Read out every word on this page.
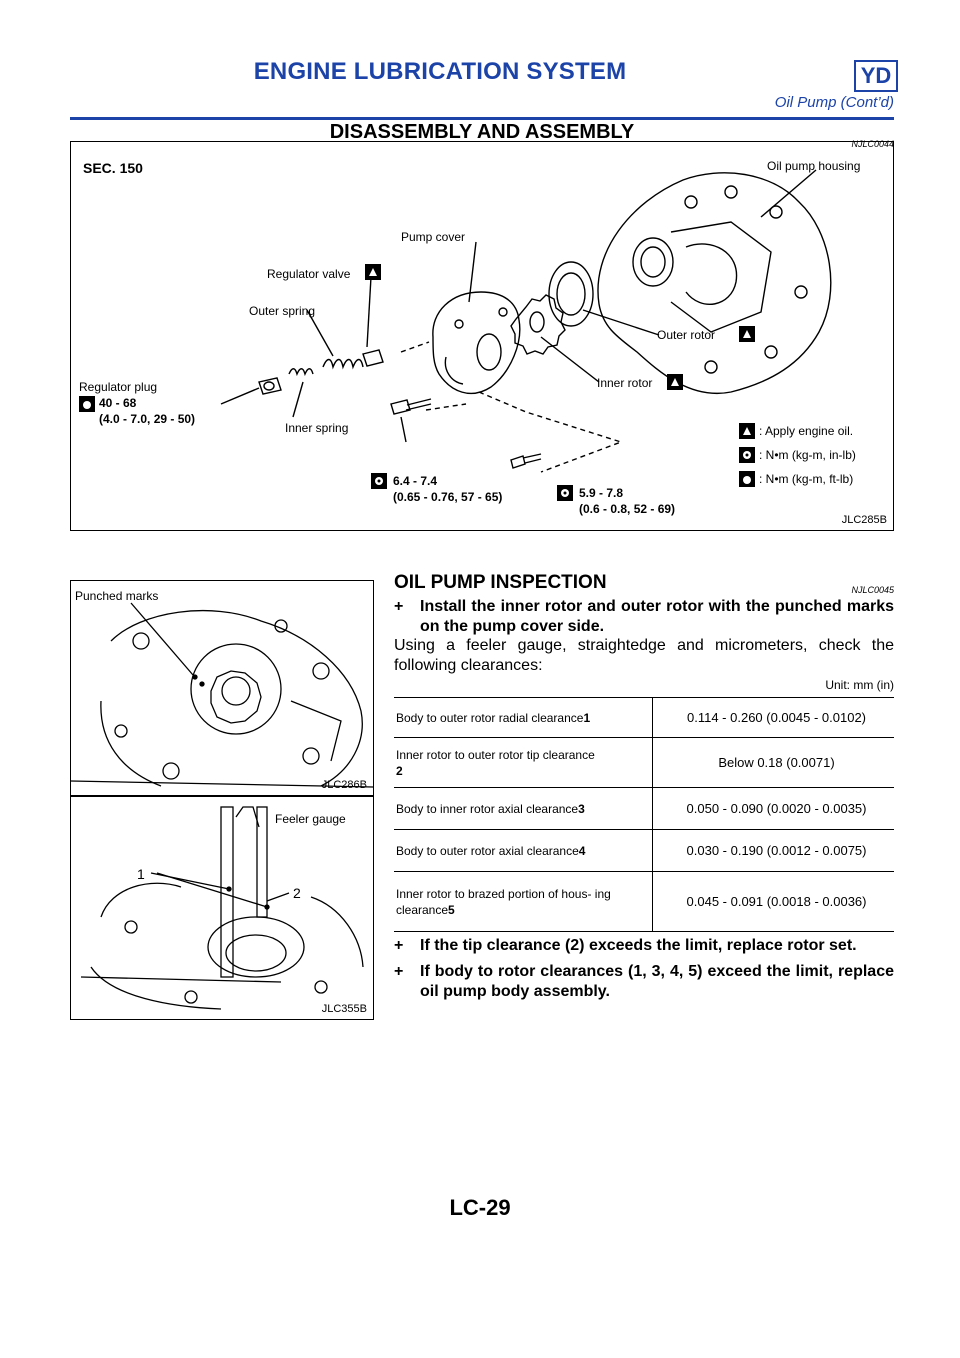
ENGINE LUBRICATION SYSTEM	YD
Oil Pump (Cont’d)
DISASSEMBLY AND ASSEMBLY
NJLC0044
SEC. 150	Oil pump housing
Pump cover
Regulator valve
Outer spring
Regulator plug
40 - 68
(4.0 - 7.0, 29 - 50)
Inner spring
Outer rotor
Inner rotor
6.4 - 7.4
(0.65 - 0.76, 57 - 65)	5.9 - 7.8
(0.6 - 0.8, 52 - 69)
: Apply engine oil.
: N•m (kg-m, in-lb)
: N•m (kg-m, ft-lb)
JLC285B
Punched marks
JLC286B
Feeler gauge
1
2
JLC355B
OIL PUMP INSPECTION	NJLC0045
+ Install the inner rotor and outer rotor with the punched marks on the pump cover side.
Using a feeler gauge, straightedge and micrometers, check the following clearances:
Unit: mm (in)
Body to outer rotor radial clearance1	0.114 - 0.260 (0.0045 - 0.0102)
Inner rotor to outer rotor tip clearance
2	Below 0.18 (0.0071)
Body to inner rotor axial clearance3	0.050 - 0.090 (0.0020 - 0.0035)
Body to outer rotor axial clearance4	0.030 - 0.190 (0.0012 - 0.0075)
Inner rotor to brazed portion of hous- ing clearance5	0.045 - 0.091 (0.0018 - 0.0036)
+ If the tip clearance (2) exceeds the limit, replace rotor set.
+ If body to rotor clearances (1, 3, 4, 5) exceed the limit, replace oil pump body assembly.
LC-29
